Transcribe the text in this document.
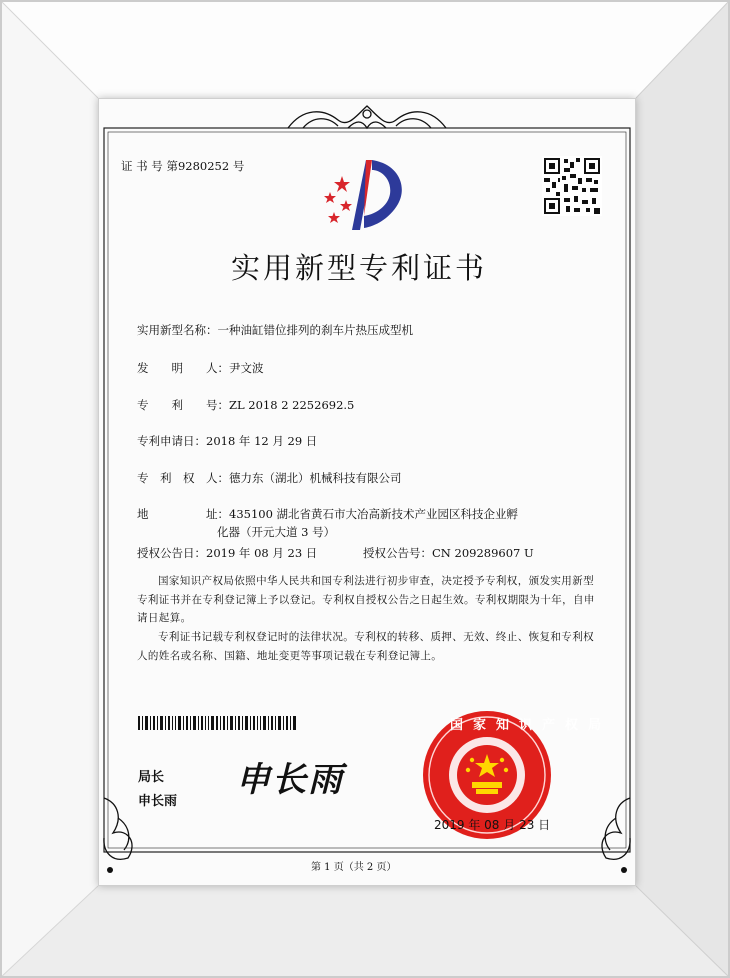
证 书 号 第9280252 号
实用新型专利证书
实用新型名称：一种油缸错位排列的刹车片热压成型机
发　　明　　人：尹文波
专　　利　　号：ZL 2018 2 2252692.5
专利申请日：2018 年 12 月 29 日
专　利　权　人：德力东（湖北）机械科技有限公司
地　　　　　址：435100 湖北省黄石市大冶高新技术产业园区科技企业孵
化器（开元大道 3 号）
授权公告日：2019 年 08 月 23 日	授权公告号：CN 209289607 U
国家知识产权局依照中华人民共和国专利法进行初步审查，决定授予专利权，颁发实用新型专利证书并在专利登记簿上予以登记。专利权自授权公告之日起生效。专利权期限为十年，自申请日起算。
专利证书记载专利权登记时的法律状况。专利权的转移、质押、无效、终止、恢复和专利权人的姓名或名称、国籍、地址变更等事项记载在专利登记簿上。
局长
申长雨
申长雨
国家知识产权局
2019 年 08 月 23 日
第 1 页（共 2 页）
